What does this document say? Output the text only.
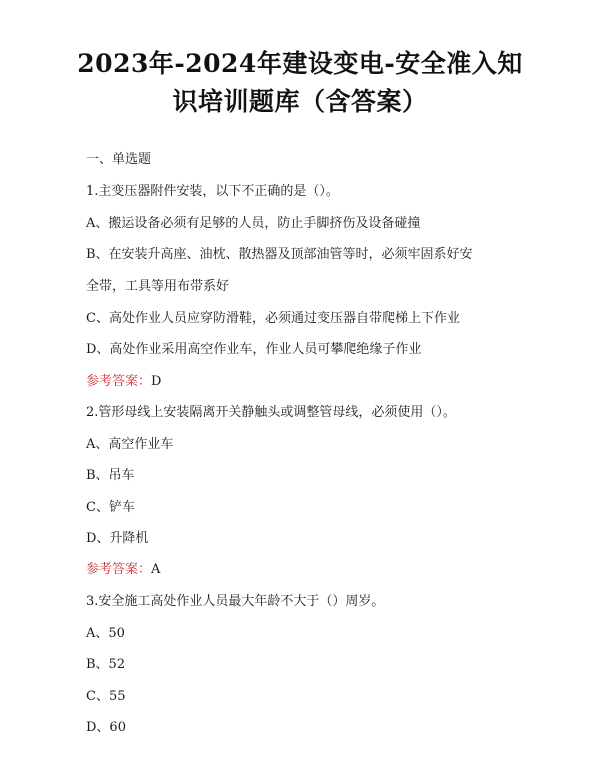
2023年-2024年建设变电-安全准入知
识培训题库（含答案）
一、单选题
1.主变压器附件安装，以下不正确的是（）。
A、搬运设备必须有足够的人员，防止手脚挤伤及设备碰撞
B、在安装升高座、油枕、散热器及顶部油管等时，必须牢固系好安
全带，工具等用布带系好
C、高处作业人员应穿防滑鞋，必须通过变压器自带爬梯上下作业
D、高处作业采用高空作业车，作业人员可攀爬绝缘子作业
参考答案：D
2.管形母线上安装隔离开关静触头或调整管母线，必须使用（）。
A、高空作业车
B、吊车
C、铲车
D、升降机
参考答案：A
3.安全施工高处作业人员最大年龄不大于（）周岁。
A、50
B、52
C、55
D、60
